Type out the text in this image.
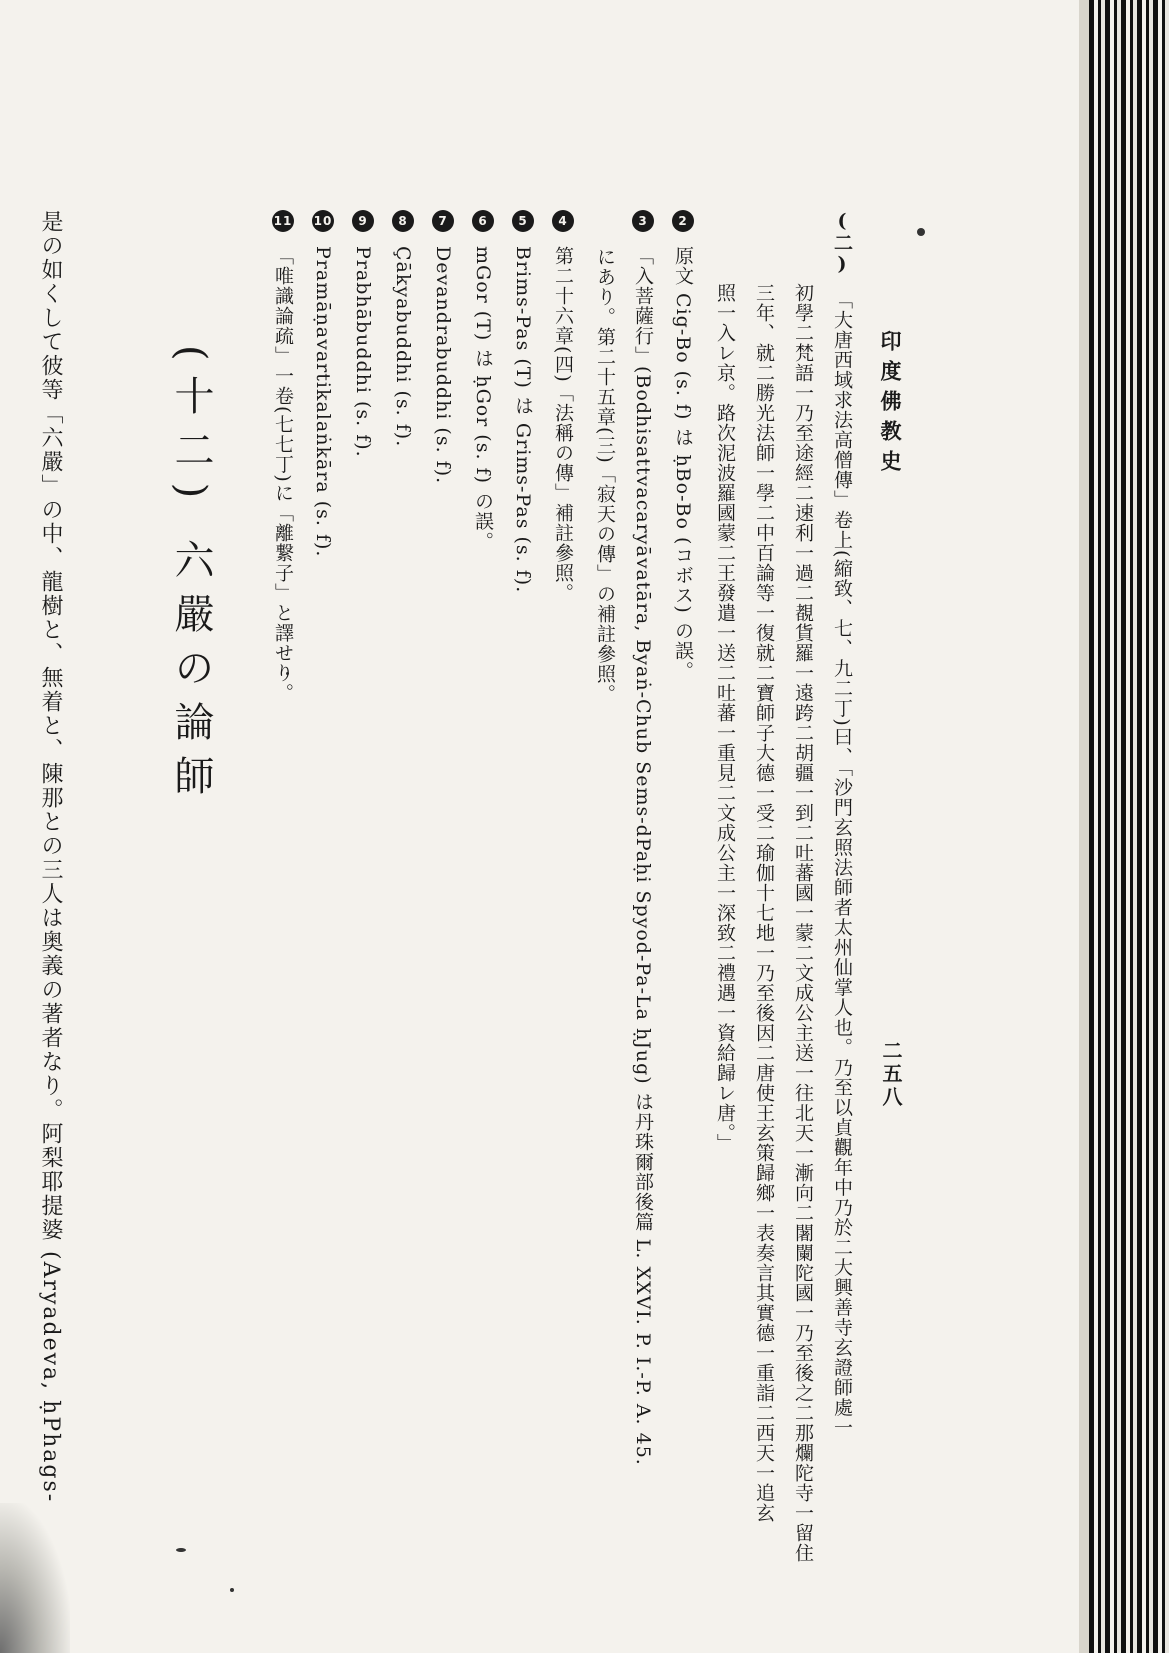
印度佛教史
二五八
(二)「大唐西域求法高僧傳」卷上(縮致、七、九二丁)曰、「沙門玄照法師者太州仙掌人也。乃至以貞觀年中乃於二大興善寺玄證師處一
初學二梵語一乃至途經二速利一過二覩貨羅一遠跨二胡疆一到二吐蕃國一蒙二文成公主送一往北天一漸向二闍闌陀國一乃至後之二那爛陀寺一留住
三年、就二勝光法師一學二中百論等一復就二寶師子大德一受二瑜伽十七地一乃至後因二唐使王玄策歸鄉一表奏言其實德一重詣二西天一追玄
照一入レ京。路次泥波羅國蒙二王發遣一送二吐蕃一重見二文成公主一深致二禮遇一資給歸レ唐。」
2原文 Cig-Bo (s. f) は ḥBo-Bo (コボス) の誤。
3「入菩薩行」(Bodhisattvacaryāvatāra, Byaṅ-Chub Sems-dPaḥi Spyod-Pa-La ḥJug) は丹珠爾部後篇 L. XXVI. P. I.-P. A. 45.
にあり。第二十五章(三)「寂天の傳」の補註參照。
4第二十六章(四)「法稱の傳」補註參照。
5Brims-Pas (T) は Grims-Pas (s. f).
6mGor (T) は ḥGor (s. f) の誤。
7Devandrabuddhi (s. f).
8Çākyabuddhi (s. f).
9Prabhābuddhi (s. f).
10Pramāṇavartikalaṅkāra (s. f).
11「唯識論疏」一卷(七七丁)に「離繋子」と譯せり。
(十二) 六嚴の論師
是の如くして彼等「六嚴」の中、龍樹と、無着と、陳那との三人は奥義の著者なり。阿梨耶提婆 (Aryadeva, ḥPhags-
